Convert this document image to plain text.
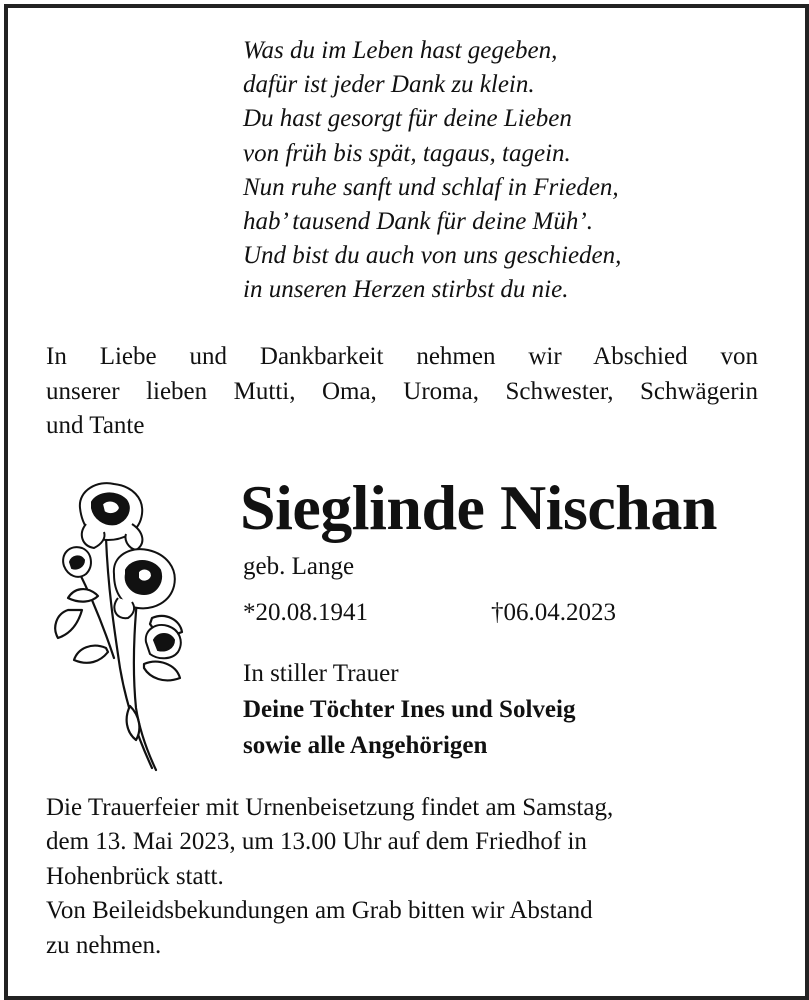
Was du im Leben hast gegeben,
dafür ist jeder Dank zu klein.
Du hast gesorgt für deine Lieben
von früh bis spät, tagaus, tagein.
Nun ruhe sanft und schlaf in Frieden,
hab’ tausend Dank für deine Müh’.
Und bist du auch von uns geschieden,
in unseren Herzen stirbst du nie.
In Liebe und Dankbarkeit nehmen wir Abschied von
unserer lieben Mutti, Oma, Uroma, Schwester, Schwägerin
und Tante
Sieglinde Nischan
geb. Lange
*20.08.1941	†06.04.2023
In stiller Trauer
Deine Töchter Ines und Solveig
sowie alle Angehörigen
Die Trauerfeier mit Urnenbeisetzung findet am Samstag,
dem 13. Mai 2023, um 13.00 Uhr auf dem Friedhof in
Hohenbrück statt.
Von Beileidsbekundungen am Grab bitten wir Abstand
zu nehmen.
